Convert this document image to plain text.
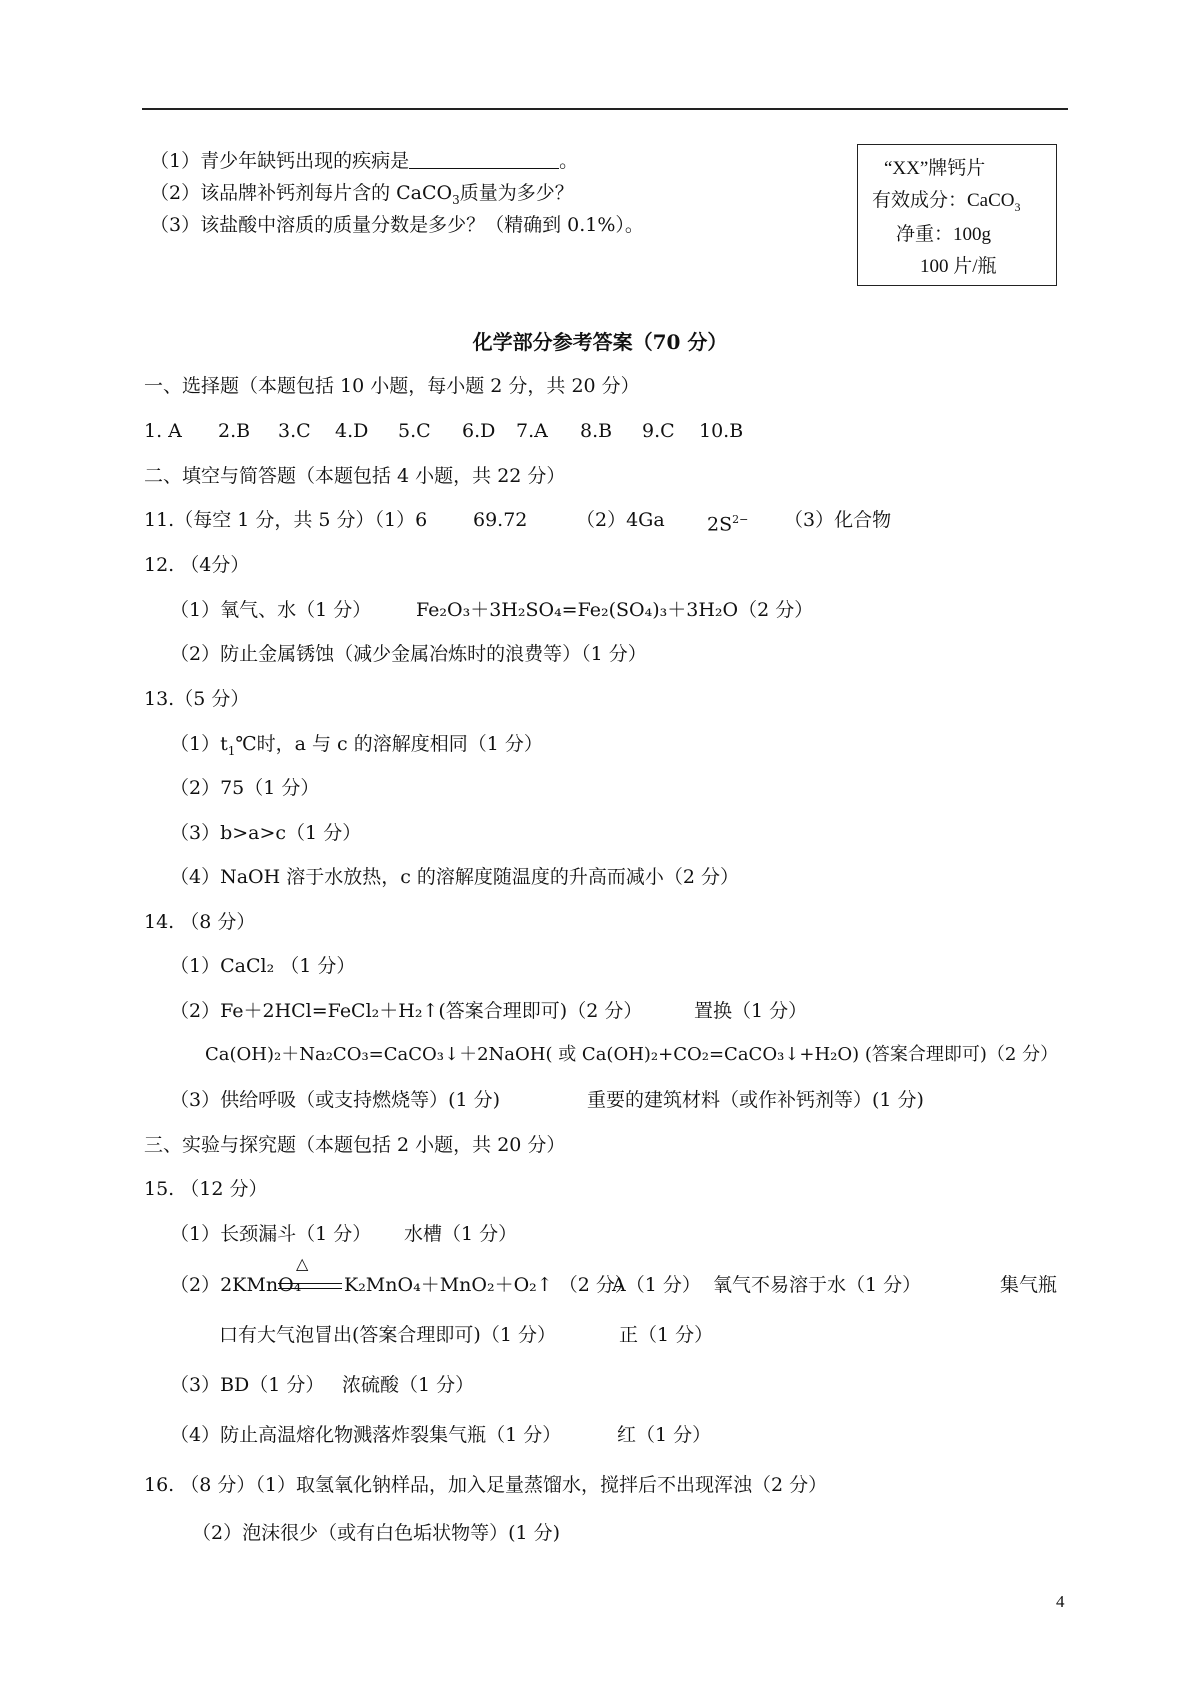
（1）青少年缺钙出现的疾病是	。
（2）该品牌补钙剂每片含的 CaCO$_3$质量为多少？
（3）该盐酸中溶质的质量分数是多少？（精确到 0.1%）。
“XX”牌钙片
有效成分：CaCO$_3$
净重：100g
100 片/瓶
化学部分参考答案（70 分）
一、选择题（本题包括 10 小题，每小题 2 分，共 20 分）
1. A 2.B 3.C 4.D 5.C 6.D 7.A 8.B 9.C 10.B
二、填空与简答题（本题包括 4 小题，共 22 分）
11.（每空 1 分，共 5 分）（1）6 69.72	（2）4Ga $2S^{2-}$ （3）化合物
12. （4分）
（1）氧气、水（1 分） Fe₂O₃＋3H₂SO₄=Fe₂(SO₄)₃＋3H₂O（2 分）
（2）防止金属锈蚀（减少金属冶炼时的浪费等）（1 分）
13.（5 分）
$(1)t_1℃$时，a 与 c 的溶解度相同（1 分）
（2）75（1 分）
（3）b>a>c（1 分）
（4）NaOH 溶于水放热，c 的溶解度随温度的升高而减小（2 分）
14. （8 分）
（1）CaCl₂ （1 分）
（2）Fe＋2HCl=FeCl₂＋H₂↑(答案合理即可)（2 分）	置换（1 分）
Ca(OH)₂＋Na₂CO₃=CaCO₃↓＋2NaOH( 或 Ca(OH)₂+CO₂=CaCO₃↓+H₂O) (答案合理即可)（2 分）
（3）供给呼吸（或支持燃烧等）(1 分)	重要的建筑材料（或作补钙剂等）(1 分)
三、实验与探究题（本题包括 2 小题，共 20 分）
15. （12 分）
（1）长颈漏斗（1 分） 水槽（1 分）
（2）2KMnO₄
△
K₂MnO₄＋MnO₂＋O₂↑ （2 分）
A（1 分） 氧气不易溶于水（1 分）	集气瓶
口有大气泡冒出(答案合理即可)（1 分）	正（1 分）
（3）BD（1 分） 浓硫酸（1 分）
（4）防止高温熔化物溅落炸裂集气瓶（1 分）	红（1 分）
16. （8 分）（1）取氢氧化钠样品，加入足量蒸馏水，搅拌后不出现浑浊（2 分）
（2）泡沫很少（或有白色垢状物等）(1 分)
4
